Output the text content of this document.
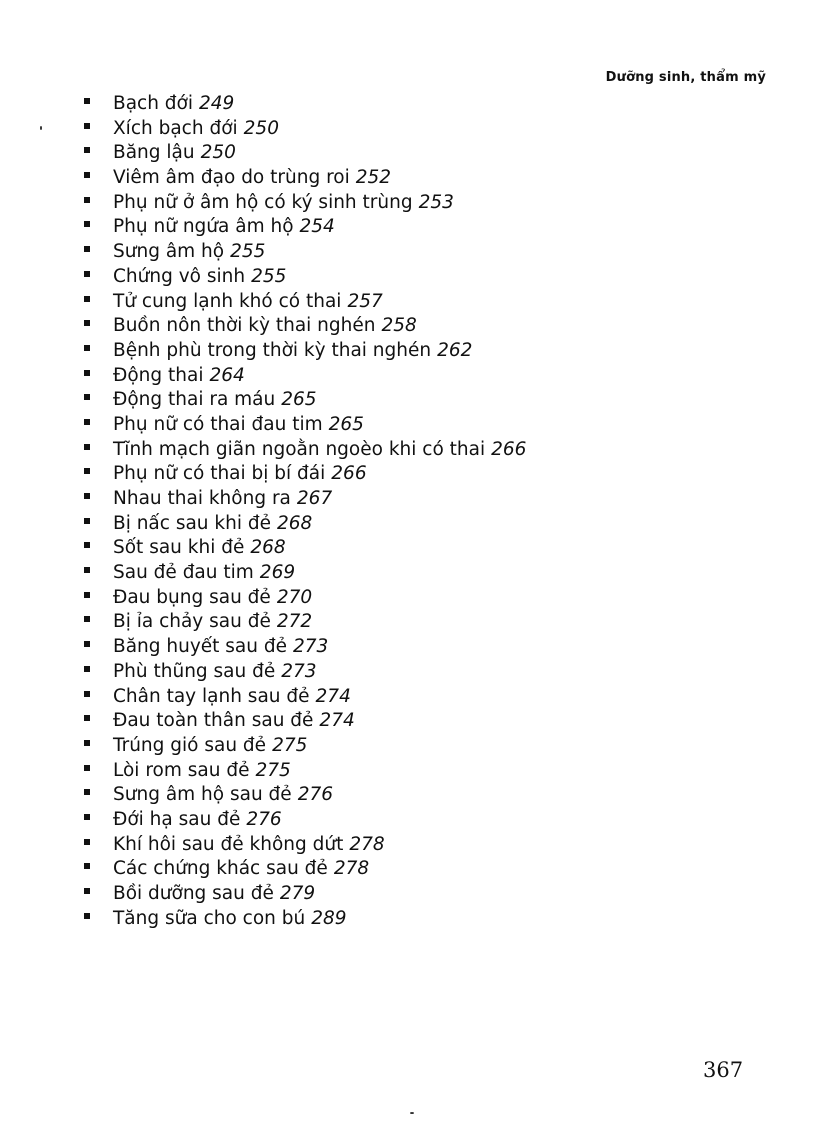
Dưỡng sinh, thẩm mỹ
Bạch đới 249
Xích bạch đới 250
Băng lậu 250
Viêm âm đạo do trùng roi 252
Phụ nữ ở âm hộ có ký sinh trùng 253
Phụ nữ ngứa âm hộ 254
Sưng âm hộ 255
Chứng vô sinh 255
Tử cung lạnh khó có thai 257
Buồn nôn thời kỳ thai nghén 258
Bệnh phù trong thời kỳ thai nghén 262
Động thai 264
Động thai ra máu 265
Phụ nữ có thai đau tim 265
Tĩnh mạch giãn ngoằn ngoèo khi có thai 266
Phụ nữ có thai bị bí đái 266
Nhau thai không ra 267
Bị nấc sau khi đẻ 268
Sốt sau khi đẻ 268
Sau đẻ đau tim 269
Đau bụng sau đẻ 270
Bị ỉa chảy sau đẻ 272
Băng huyết sau đẻ 273
Phù thũng sau đẻ 273
Chân tay lạnh sau đẻ 274
Đau toàn thân sau đẻ 274
Trúng gió sau đẻ 275
Lòi rom sau đẻ 275
Sưng âm hộ sau đẻ 276
Đới hạ sau đẻ 276
Khí hôi sau đẻ không dứt 278
Các chứng khác sau đẻ 278
Bồi dưỡng sau đẻ 279
Tăng sữa cho con bú 289
367
